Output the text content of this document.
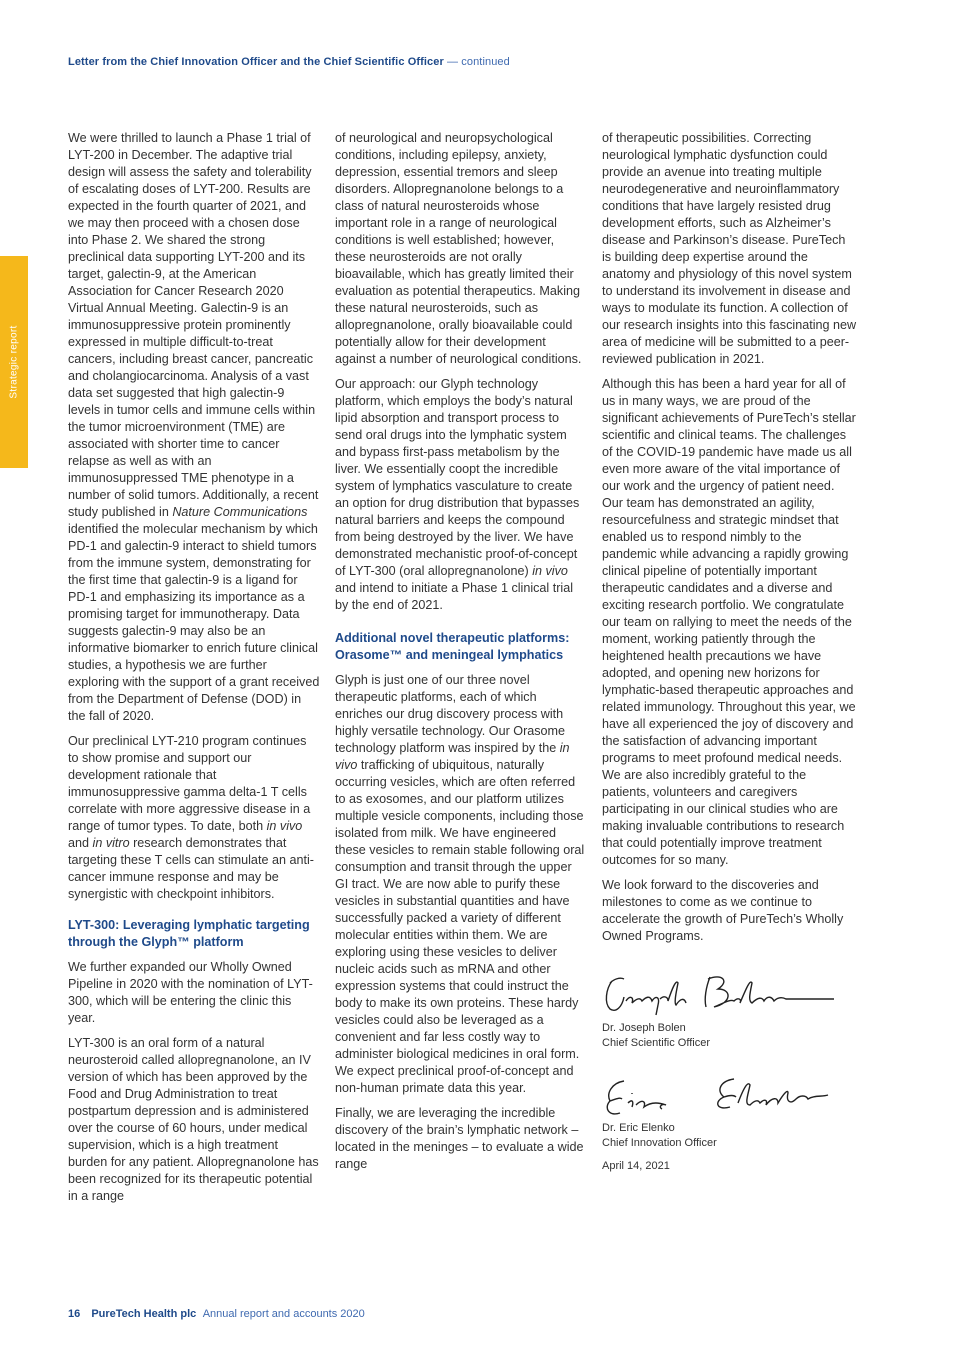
Letter from the Chief Innovation Officer and the Chief Scientific Officer — continued
Strategic report

We were thrilled to launch a Phase 1 trial of LYT-200 in December. The adaptive trial design will assess the safety and tolerability of escalating doses of LYT-200. Results are expected in the fourth quarter of 2021, and we may then proceed with a chosen dose into Phase 2. We shared the strong preclinical data supporting LYT-200 and its target, galectin-9, at the American Association for Cancer Research 2020 Virtual Annual Meeting. Galectin-9 is an immunosuppressive protein prominently expressed in multiple difficult-to-treat cancers, including breast cancer, pancreatic and cholangiocarcinoma. Analysis of a vast data set suggested that high galectin-9 levels in tumor cells and immune cells within the tumor microenvironment (TME) are associated with shorter time to cancer relapse as well as with an immunosuppressed TME phenotype in a number of solid tumors. Additionally, a recent study published in Nature Communications identified the molecular mechanism by which PD-1 and galectin-9 interact to shield tumors from the immune system, demonstrating for the first time that galectin-9 is a ligand for PD-1 and emphasizing its importance as a promising target for immunotherapy. Data suggests galectin-9 may also be an informative biomarker to enrich future clinical studies, a hypothesis we are further exploring with the support of a grant received from the Department of Defense (DOD) in the fall of 2020.

Our preclinical LYT-210 program continues to show promise and support our development rationale that immunosuppressive gamma delta-1 T cells correlate with more aggressive disease in a range of tumor types. To date, both in vivo and in vitro research demonstrates that targeting these T cells can stimulate an anti-cancer immune response and may be synergistic with checkpoint inhibitors.

LYT-300: Leveraging lymphatic targeting through the Glyph™ platform

We further expanded our Wholly Owned Pipeline in 2020 with the nomination of LYT-300, which will be entering the clinic this year.

LYT-300 is an oral form of a natural neurosteroid called allopregnanolone, an IV version of which has been approved by the Food and Drug Administration to treat postpartum depression and is administered over the course of 60 hours, under medical supervision, which is a high treatment burden for any patient. Allopregnanolone has been recognized for its therapeutic potential in a range

of neurological and neuropsychological conditions, including epilepsy, anxiety, depression, essential tremors and sleep disorders. Allopregnanolone belongs to a class of natural neurosteroids whose important role in a range of neurological conditions is well established; however, these neurosteroids are not orally bioavailable, which has greatly limited their evaluation as potential therapeutics. Making these natural neurosteroids, such as allopregnanolone, orally bioavailable could potentially allow for their development against a number of neurological conditions.

Our approach: our Glyph technology platform, which employs the body’s natural lipid absorption and transport process to send oral drugs into the lymphatic system and bypass first-pass metabolism by the liver. We essentially coopt the incredible system of lymphatics vasculature to create an option for drug distribution that bypasses natural barriers and keeps the compound from being destroyed by the liver. We have demonstrated mechanistic proof-of-concept of LYT-300 (oral allopregnanolone) in vivo and intend to initiate a Phase 1 clinical trial by the end of 2021.

Additional novel therapeutic platforms: Orasome™ and meningeal lymphatics

Glyph is just one of our three novel therapeutic platforms, each of which enriches our drug discovery process with highly versatile technology. Our Orasome technology platform was inspired by the in vivo trafficking of ubiquitous, naturally occurring vesicles, which are often referred to as exosomes, and our platform utilizes multiple vesicle components, including those isolated from milk. We have engineered these vesicles to remain stable following oral consumption and transit through the upper GI tract. We are now able to purify these vesicles in substantial quantities and have successfully packed a variety of different molecular entities within them. We are exploring using these vesicles to deliver nucleic acids such as mRNA and other expression systems that could instruct the body to make its own proteins. These hardy vesicles could also be leveraged as a convenient and far less costly way to administer biological medicines in oral form. We expect preclinical proof-of-concept and non-human primate data this year.

Finally, we are leveraging the incredible discovery of the brain’s lymphatic network – located in the meninges – to evaluate a wide range

of therapeutic possibilities. Correcting neurological lymphatic dysfunction could provide an avenue into treating multiple neurodegenerative and neuroinflammatory conditions that have largely resisted drug development efforts, such as Alzheimer’s disease and Parkinson’s disease. PureTech is building deep expertise around the anatomy and physiology of this novel system to understand its involvement in disease and ways to modulate its function. A collection of our research insights into this fascinating new area of medicine will be submitted to a peer-reviewed publication in 2021.

Although this has been a hard year for all of us in many ways, we are proud of the significant achievements of PureTech’s stellar scientific and clinical teams. The challenges of the COVID-19 pandemic have made us all even more aware of the vital importance of our work and the urgency of patient need. Our team has demonstrated an agility, resourcefulness and strategic mindset that enabled us to respond nimbly to the pandemic while advancing a rapidly growing clinical pipeline of potentially important therapeutic candidates and a diverse and exciting research portfolio. We congratulate our team on rallying to meet the needs of the moment, working patiently through the heightened health precautions we have adopted, and opening new horizons for lymphatic-based therapeutic approaches and related immunology. Throughout this year, we have all experienced the joy of discovery and the satisfaction of advancing important programs to meet profound medical needs. We are also incredibly grateful to the patients, volunteers and caregivers participating in our clinical studies who are making invaluable contributions to research that could potentially improve treatment outcomes for so many.

We look forward to the discoveries and milestones to come as we continue to accelerate the growth of PureTech’s Wholly Owned Programs.

Dr. Joseph Bolen
Chief Scientific Officer
Dr. Eric Elenko
Chief Innovation Officer
April 14, 2021
16 PureTech Health plc Annual report and accounts 2020
